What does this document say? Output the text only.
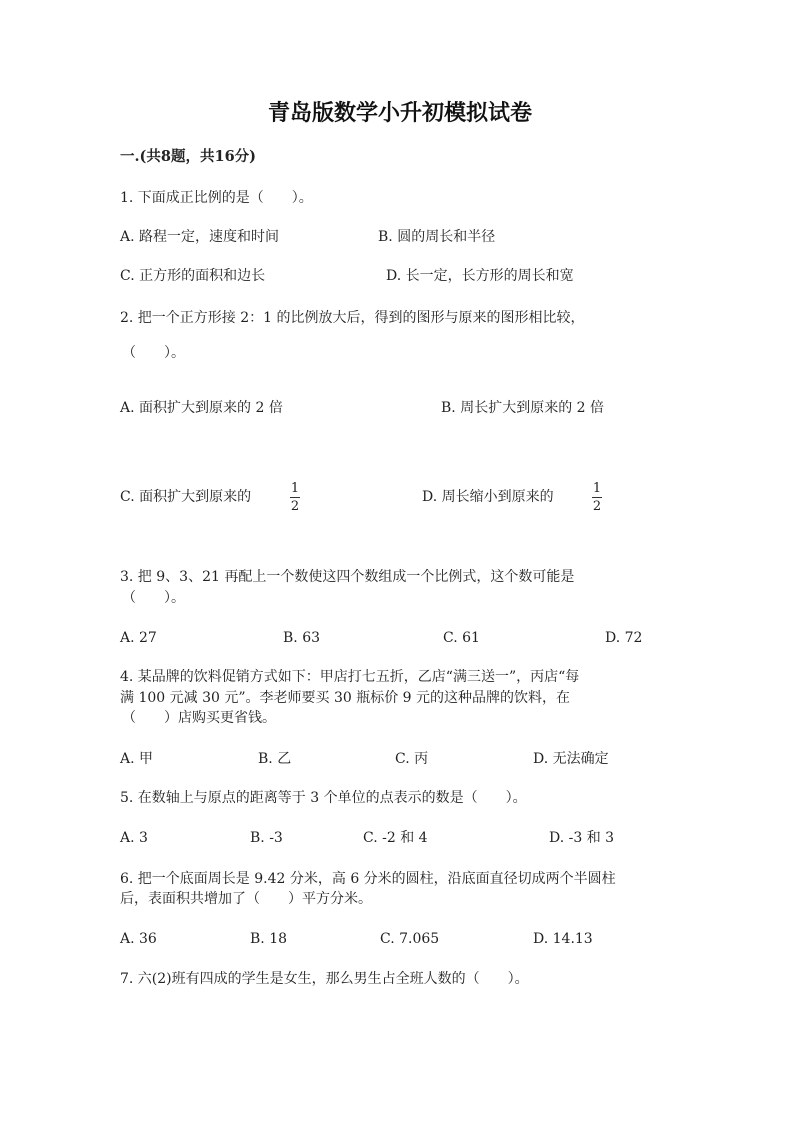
青岛版数学小升初模拟试卷
一.(共8题，共16分)
1. 下面成正比例的是（　　）。
A. 路程一定，速度和时间	B. 圆的周长和半径
C. 正方形的面积和边长	D. 长一定，长方形的周长和宽
2. 把一个正方形接 2：1 的比例放大后，得到的图形与原来的图形相比较，
（　　）。
A. 面积扩大到原来的 2 倍	B. 周长扩大到原来的 2 倍
C. 面积扩大到原来的
1
2
D. 周长缩小到原来的
1
2
3. 把 9、3、21 再配上一个数使这四个数组成一个比例式，这个数可能是
（　　）。
A. 27	B. 63	C. 61	D. 72
4. 某品牌的饮料促销方式如下：甲店打七五折，乙店“满三送一”，丙店“每
满 100 元减 30 元”。李老师要买 30 瓶标价 9 元的这种品牌的饮料，在
（　　）店购买更省钱。
A. 甲	B. 乙	C. 丙	D. 无法确定
5. 在数轴上与原点的距离等于 3 个单位的点表示的数是（　　）。
A. 3	B. -3	C. -2 和 4	D. -3 和 3
6. 把一个底面周长是 9.42 分米，高 6 分米的圆柱，沿底面直径切成两个半圆柱
后，表面积共增加了（　　）平方分米。
A. 36	B. 18	C. 7.065	D. 14.13
7. 六(2)班有四成的学生是女生，那么男生占全班人数的（　　）。
